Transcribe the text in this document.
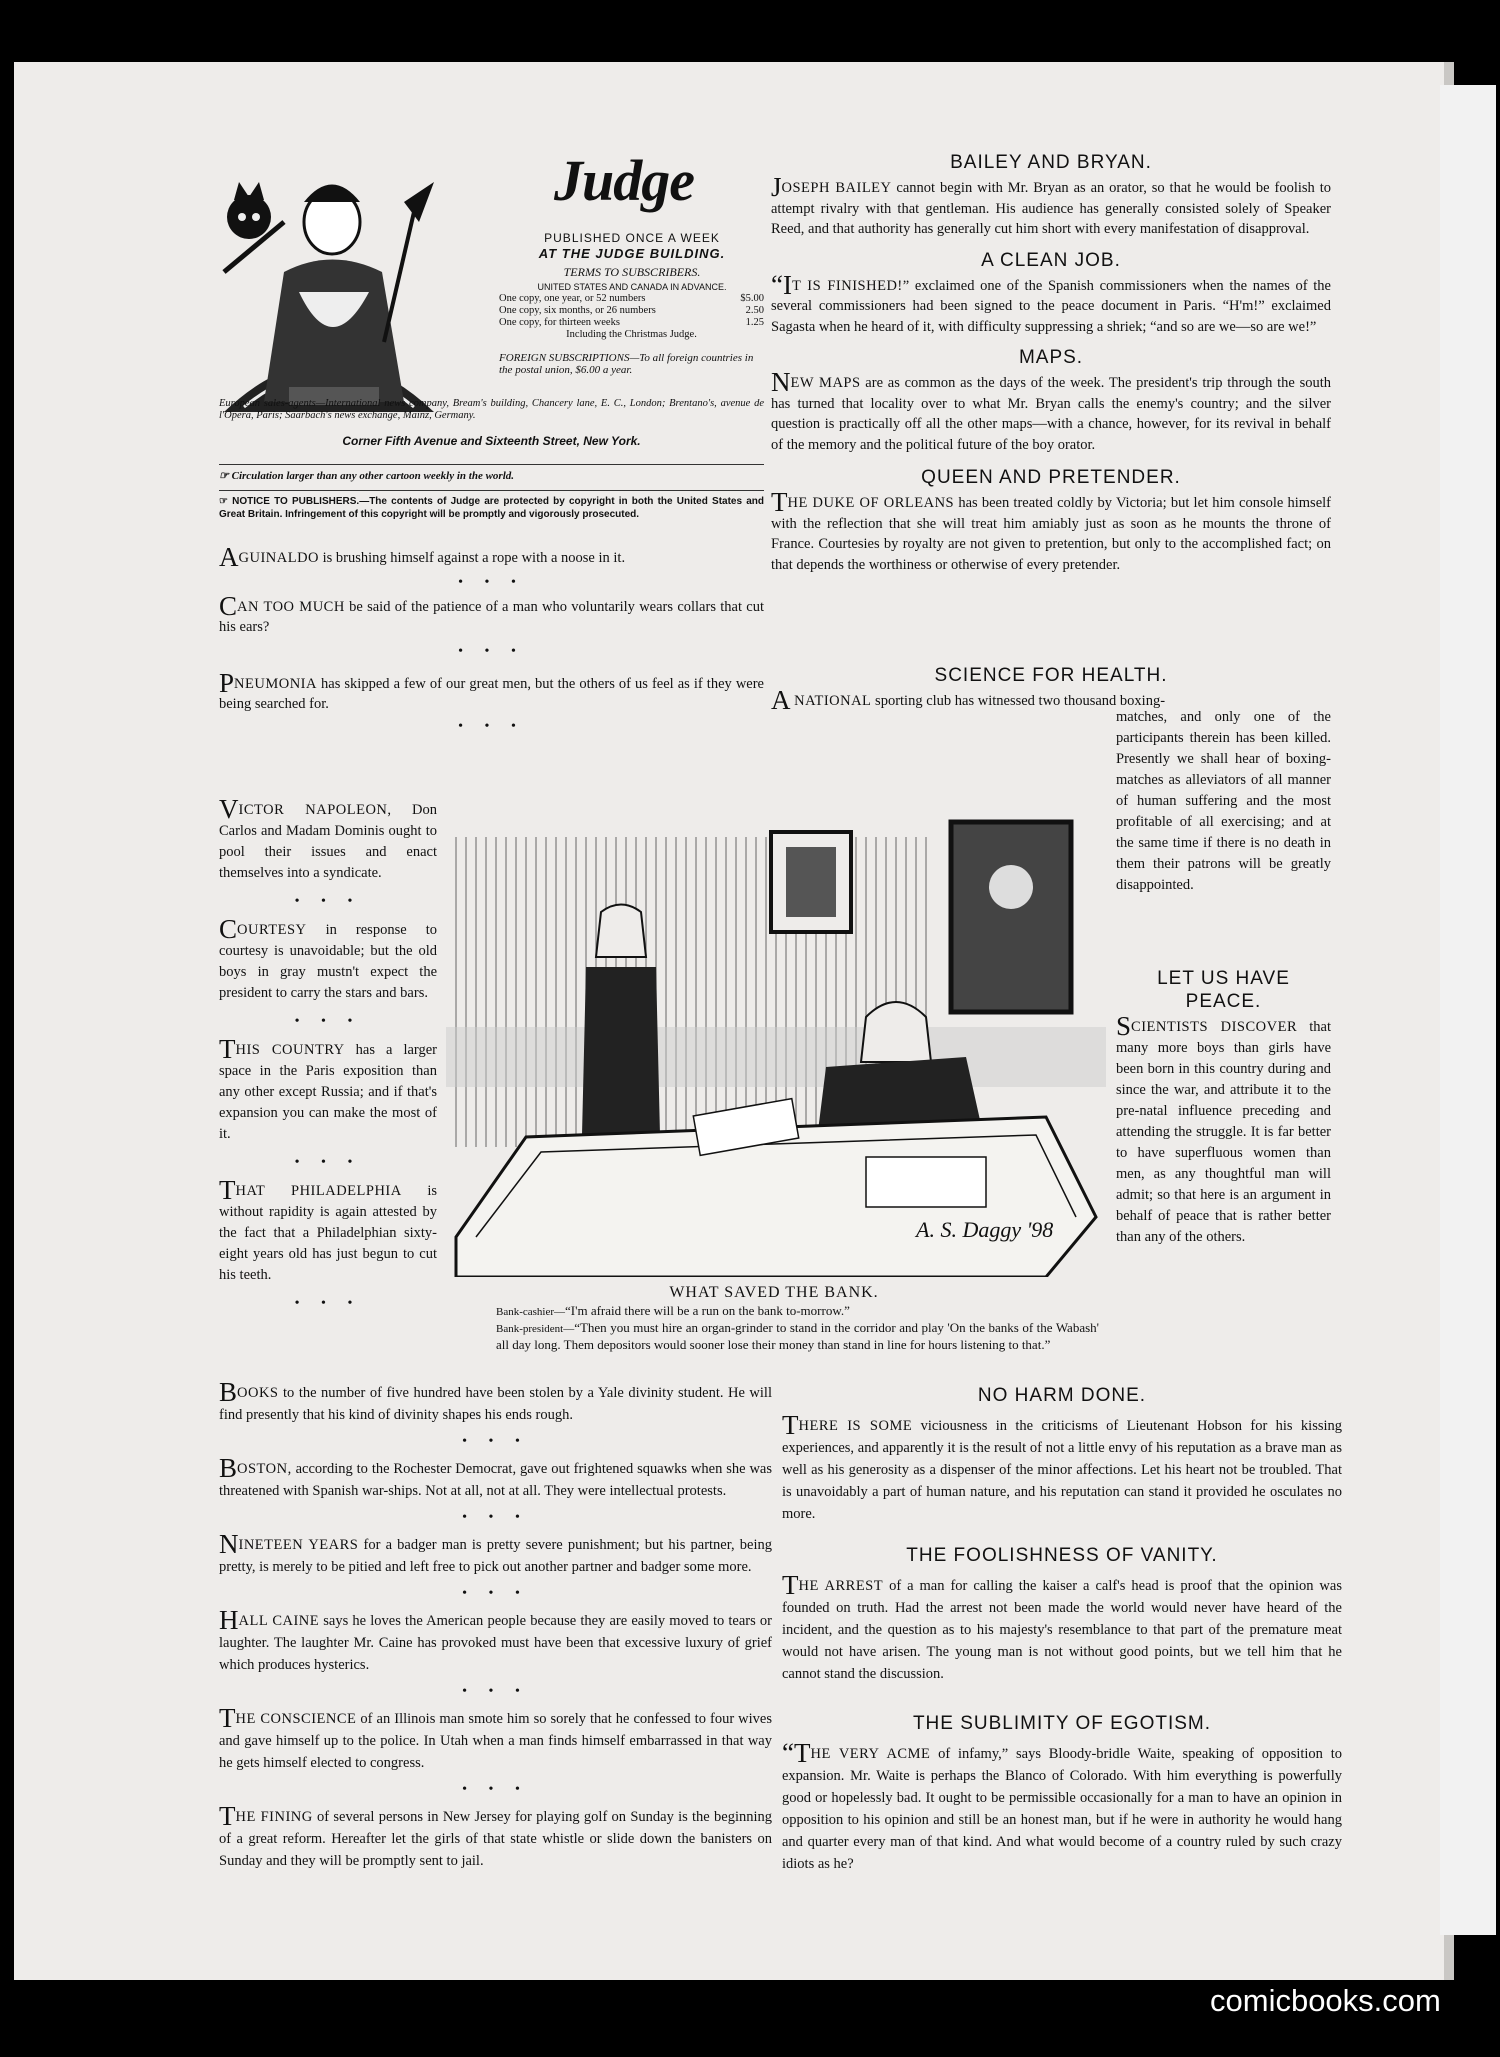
Judge
PUBLISHED ONCE A WEEK
AT THE JUDGE BUILDING.
TERMS TO SUBSCRIBERS.
UNITED STATES AND CANADA IN ADVANCE.
One copy, one year, or 52 numbers	$5.00
One copy, six months, or 26 numbers	2.50
One copy, for thirteen weeks	1.25
Including the Christmas Judge.
FOREIGN SUBSCRIPTIONS—To all foreign countries in the postal union, $6.00 a year.
European sales-agents—International news company, Bream's building, Chancery lane, E. C., London; Brentano's, avenue de l'Opera, Paris; Saarbach's news exchange, Mainz, Germany.
Corner Fifth Avenue and Sixteenth Street, New York.
☞ Circulation larger than any other cartoon weekly in the world.
☞ NOTICE TO PUBLISHERS.—The contents of Judge are protected by copyright in both the United States and Great Britain. Infringement of this copyright will be promptly and vigorously prosecuted.

AGUINALDO is brushing himself against a rope with a noose in it.

• • •

CAN TOO MUCH be said of the patience of a man who voluntarily wears collars that cut his ears?

• • •

PNEUMONIA has skipped a few of our great men, but the others of us feel as if they were being searched for.

• • •

VICTOR NAPOLEON, Don Carlos and Madam Dominis ought to pool their issues and enact themselves into a syndicate.

• • •

COURTESY in response to courtesy is unavoidable; but the old boys in gray mustn't expect the president to carry the stars and bars.

• • •

THIS COUNTRY has a larger space in the Paris exposition than any other except Russia; and if that's expansion you can make the most of it.

• • •

THAT PHILADELPHIA is without rapidity is again attested by the fact that a Philadelphian sixty-eight years old has just begun to cut his teeth.

• • •

A. S. Daggy '98
WHAT SAVED THE BANK.
Bank-cashier—“I'm afraid there will be a run on the bank to-morrow.”
Bank-president—“Then you must hire an organ-grinder to stand in the corridor and play 'On the banks of the Wabash' all day long. Them depositors would sooner lose their money than stand in line for hours listening to that.”

BOOKS to the number of five hundred have been stolen by a Yale divinity student. He will find presently that his kind of divinity shapes his ends rough.

• • •

BOSTON, according to the Rochester Democrat, gave out frightened squawks when she was threatened with Spanish war-ships. Not at all, not at all. They were intellectual protests.

• • •

NINETEEN YEARS for a badger man is pretty severe punishment; but his partner, being pretty, is merely to be pitied and left free to pick out another partner and badger some more.

• • •

HALL CAINE says he loves the American people because they are easily moved to tears or laughter. The laughter Mr. Caine has provoked must have been that excessive luxury of grief which produces hysterics.

• • •

THE CONSCIENCE of an Illinois man smote him so sorely that he confessed to four wives and gave himself up to the police. In Utah when a man finds himself embarrassed in that way he gets himself elected to congress.

• • •

THE FINING of several persons in New Jersey for playing golf on Sunday is the beginning of a great reform. Hereafter let the girls of that state whistle or slide down the banisters on Sunday and they will be promptly sent to jail.

BAILEY AND BRYAN.

JOSEPH BAILEY cannot begin with Mr. Bryan as an orator, so that he would be foolish to attempt rivalry with that gentleman. His audience has generally consisted solely of Speaker Reed, and that authority has generally cut him short with every manifestation of disapproval.

A CLEAN JOB.

“IT IS FINISHED!” exclaimed one of the Spanish commissioners when the names of the several commissioners had been signed to the peace document in Paris. “H'm!” exclaimed Sagasta when he heard of it, with difficulty suppressing a shriek; “and so are we—so are we!”

MAPS.

NEW MAPS are as common as the days of the week. The president's trip through the south has turned that locality over to what Mr. Bryan calls the enemy's country; and the silver question is practically off all the other maps—with a chance, however, for its revival in behalf of the memory and the political future of the boy orator.

QUEEN AND PRETENDER.

THE DUKE OF ORLEANS has been treated coldly by Victoria; but let him console himself with the reflection that she will treat him amiably just as soon as he mounts the throne of France. Courtesies by royalty are not given to pretention, but only to the accomplished fact; on that depends the worthiness or otherwise of every pretender.

SCIENCE FOR HEALTH.

A NATIONAL sporting club has witnessed two thousand boxing-

matches, and only one of the participants therein has been killed. Presently we shall hear of boxing-matches as alleviators of all manner of human suffering and the most profitable of all exercising; and at the same time if there is no death in them their patrons will be greatly disappointed.

LET US HAVE PEACE.

SCIENTISTS DISCOVER that many more boys than girls have been born in this country during and since the war, and attribute it to the pre-natal influence preceding and attending the struggle. It is far better to have superfluous women than men, as any thoughtful man will admit; so that here is an argument in behalf of peace that is rather better than any of the others.

NO HARM DONE.

THERE IS SOME viciousness in the criticisms of Lieutenant Hobson for his kissing experiences, and apparently it is the result of not a little envy of his reputation as a brave man as well as his generosity as a dispenser of the minor affections. Let his heart not be troubled. That is unavoidably a part of human nature, and his reputation can stand it provided he osculates no more.

THE FOOLISHNESS OF VANITY.

THE ARREST of a man for calling the kaiser a calf's head is proof that the opinion was founded on truth. Had the arrest not been made the world would never have heard of the incident, and the question as to his majesty's resemblance to that part of the premature meat would not have arisen. The young man is not without good points, but we tell him that he cannot stand the discussion.

THE SUBLIMITY OF EGOTISM.

“THE VERY ACME of infamy,” says Bloody-bridle Waite, speaking of opposition to expansion. Mr. Waite is perhaps the Blanco of Colorado. With him everything is powerfully good or hopelessly bad. It ought to be permissible occasionally for a man to have an opinion in opposition to his opinion and still be an honest man, but if he were in authority he would hang and quarter every man of that kind. And what would become of a country ruled by such crazy idiots as he?

comicbooks.com
